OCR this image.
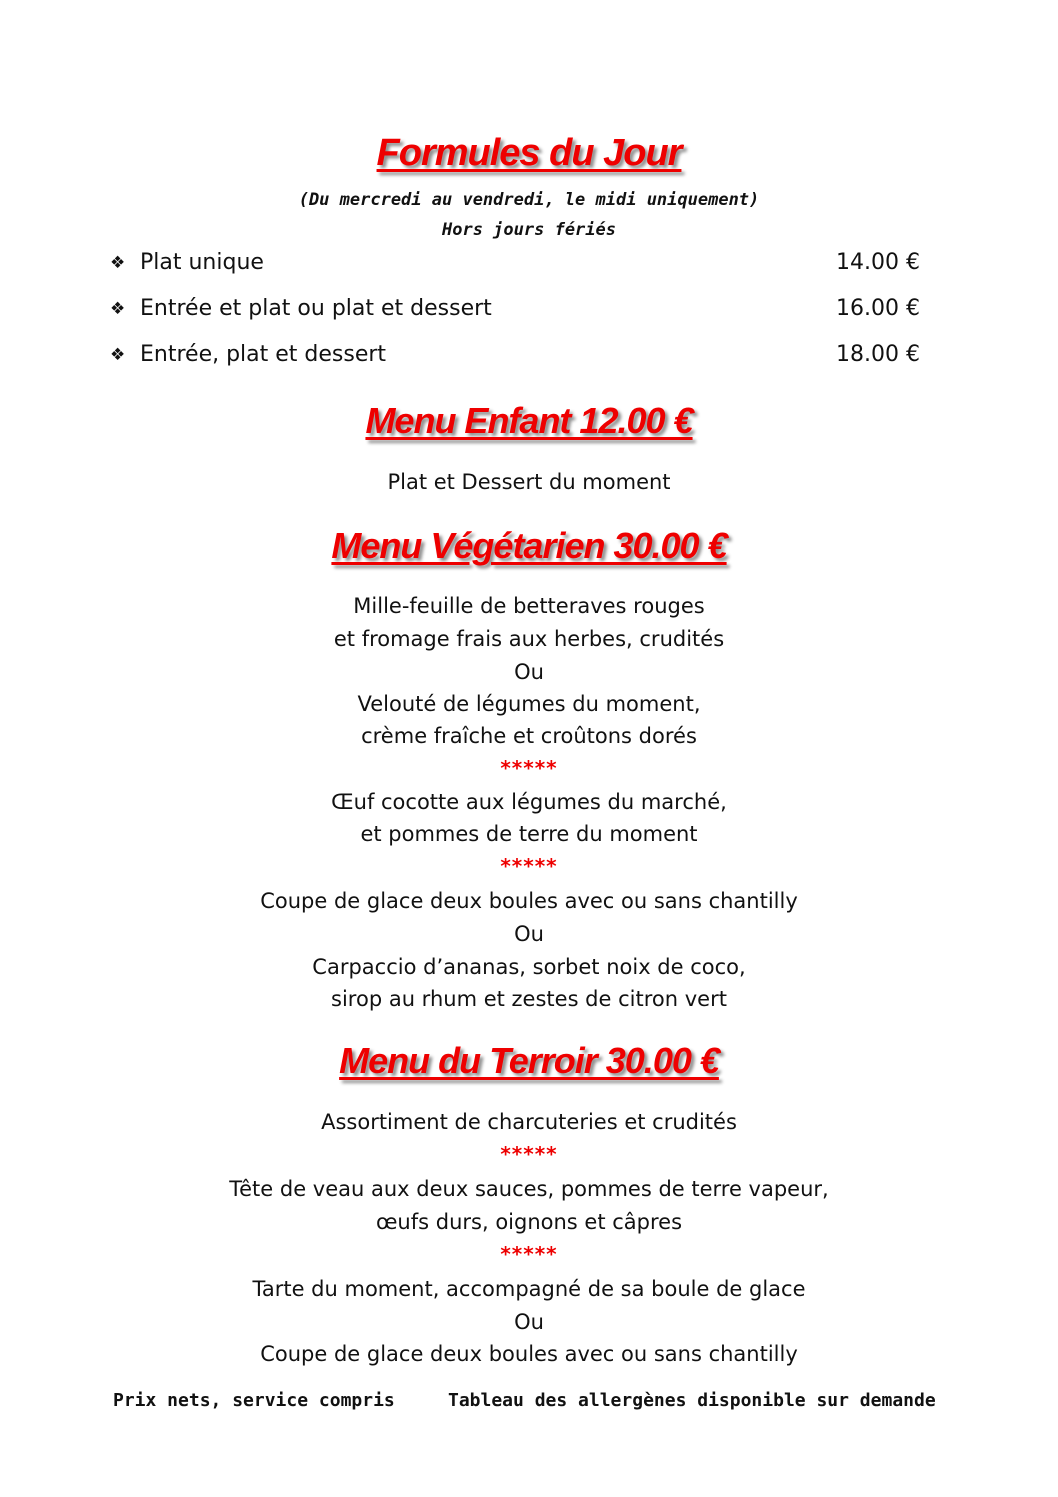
Formules du Jour
(Du mercredi au vendredi, le midi uniquement)
Hors jours fériés
❖ Plat unique	14.00 €
❖ Entrée et plat ou plat et dessert	16.00 €
❖ Entrée, plat et dessert	18.00 €
Menu Enfant 12.00 €
Plat et Dessert du moment
Menu Végétarien 30.00 €
Mille-feuille de betteraves rouges
et fromage frais aux herbes, crudités
Ou
Velouté de légumes du moment,
crème fraîche et croûtons dorés
*****
Œuf cocotte aux légumes du marché,
et pommes de terre du moment
*****
Coupe de glace deux boules avec ou sans chantilly
Ou
Carpaccio d’ananas, sorbet noix de coco,
sirop au rhum et zestes de citron vert
Menu du Terroir 30.00 €
Assortiment de charcuteries et crudités
*****
Tête de veau aux deux sauces, pommes de terre vapeur,
œufs durs, oignons et câpres
*****
Tarte du moment, accompagné de sa boule de glace
Ou
Coupe de glace deux boules avec ou sans chantilly
Prix nets, service compris	Tableau des allergènes disponible sur demande
